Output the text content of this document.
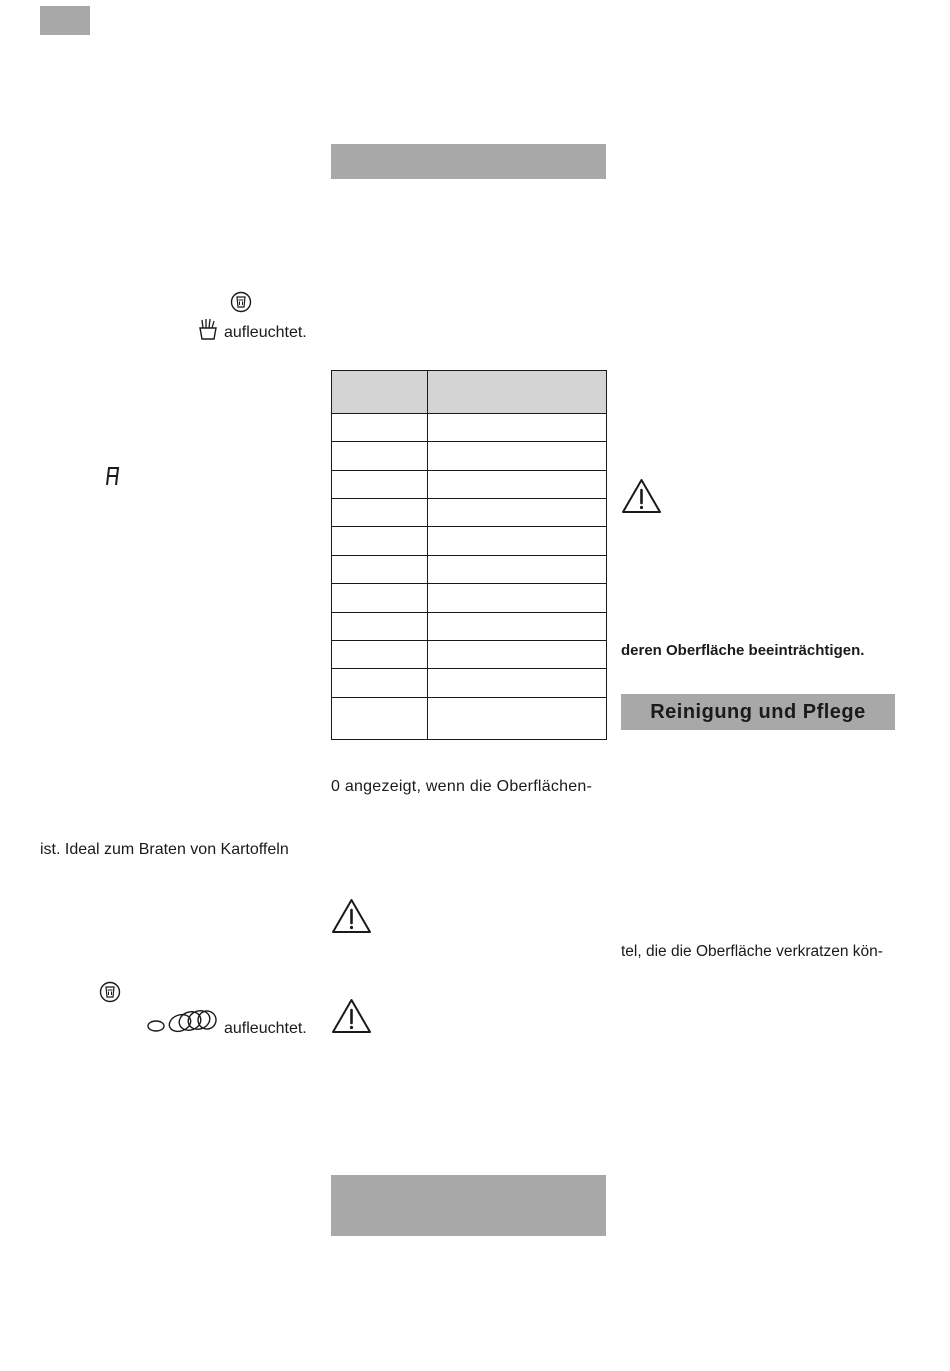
aufleuchtet.
ist. Ideal zum Braten von Kartoffeln
aufleuchtet.

0 angezeigt, wenn die Oberflächen-
deren Oberfläche beeinträchtigen.
Reinigung und Pflege
tel, die die Oberfläche verkratzen kön-
